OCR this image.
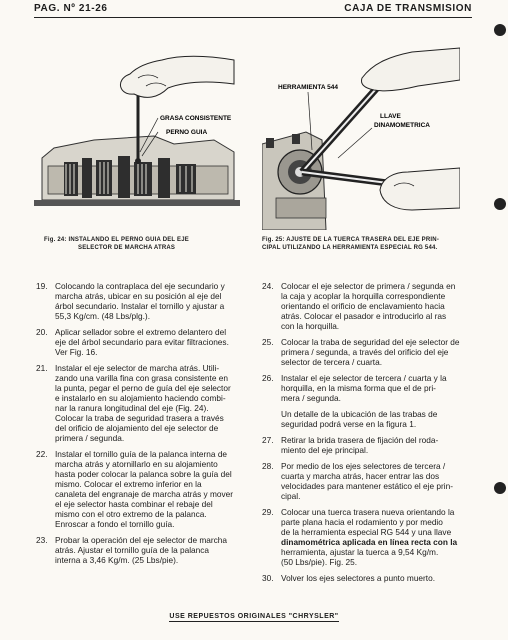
PAG. Nº 21-26	CAJA DE TRANSMISION
GRASA CONSISTENTE
PERNO GUIA
Fig. 24: INSTALANDO EL PERNO GUIA DEL EJE
SELECTOR DE MARCHA ATRAS
HERRAMIENTA 544
LLAVE
DINAMOMETRICA
Fig. 25: AJUSTE DE LA TUERCA TRASERA DEL EJE PRIN-
CIPAL UTILIZANDO LA HERRAMIENTA ESPECIAL RG 544.
19. Colocando la contraplaca del eje secundario y
marcha atrás, ubicar en su posición al eje del
árbol secundario. Instalar el tornillo y ajustar a
55,3 Kg/cm. (48 Lbs/plg.).
20. Aplicar sellador sobre el extremo delantero del
eje del árbol secundario para evitar filtraciones.
Ver Fig. 16.
21. Instalar el eje selector de marcha atrás. Utili-
zando una varilla fina con grasa consistente en
la punta, pegar el perno de guía del eje selector
e instalarlo en su alojamiento haciendo combi-
nar la ranura longitudinal del eje (Fig. 24).
Colocar la traba de seguridad trasera a través
del orificio de alojamiento del eje selector de
primera / segunda.
22. Instalar el tornillo guía de la palanca interna de
marcha atrás y atornillarlo en su alojamiento
hasta poder colocar la palanca sobre la guía del
mismo. Colocar el extremo inferior en la
canaleta del engranaje de marcha atrás y mover
el eje selector hasta combinar el rebaje del
mismo con el otro extremo de la palanca.
Enroscar a fondo el tornillo guía.
23. Probar la operación del eje selector de marcha
atrás. Ajustar el tornillo guía de la palanca
interna a 3,46 Kg/m. (25 Lbs/pie).
24. Colocar el eje selector de primera / segunda en
la caja y acoplar la horquilla correspondiente
orientando el orificio de enclavamiento hacia
atrás. Colocar el pasador e introducirlo al ras
con la horquilla.
25. Colocar la traba de seguridad del eje selector de
primera / segunda, a través del orificio del eje
selector de tercera / cuarta.
26. Instalar el eje selector de tercera / cuarta y la
horquilla, en la misma forma que el de pri-
mera / segunda.
Un detalle de la ubicación de las trabas de
seguridad podrá verse en la figura 1.
27. Retirar la brida trasera de fijación del roda-
miento del eje principal.
28. Por medio de los ejes selectores de tercera /
cuarta y marcha atrás, hacer entrar las dos
velocidades para mantener estático el eje prin-
cipal.
29. Colocar una tuerca trasera nueva orientando la
parte plana hacia el rodamiento y por medio
de la herramienta especial RG 544 y una llave
dinamométrica aplicada en línea recta con la
herramienta, ajustar la tuerca a 9,54 Kg/m.
(50 Lbs/pie). Fig. 25.
30. Volver los ejes selectores a punto muerto.
USE REPUESTOS ORIGINALES "CHRYSLER"
